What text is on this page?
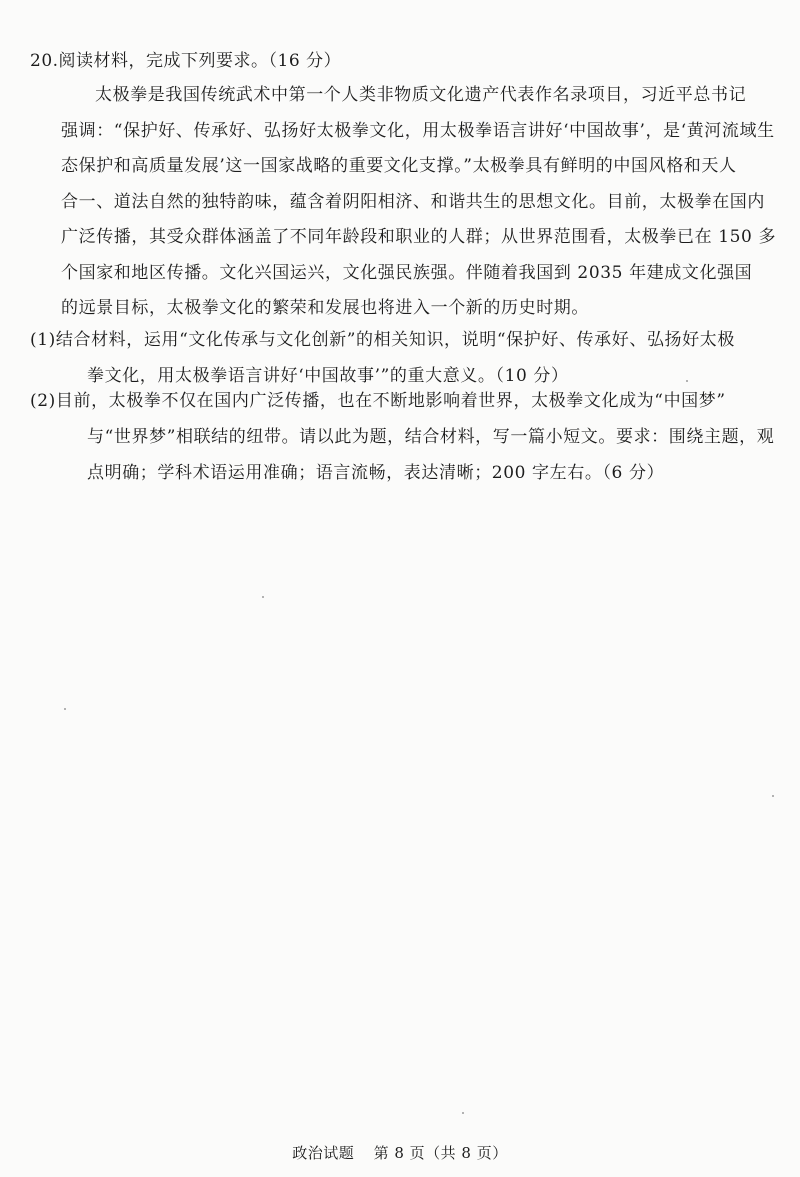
20.阅读材料，完成下列要求。（16 分）
太极拳是我国传统武术中第一个人类非物质文化遗产代表作名录项目，习近平总书记
强调：“保护好、传承好、弘扬好太极拳文化，用太极拳语言讲好‘中国故事’，是‘黄河流域生
态保护和高质量发展’这一国家战略的重要文化支撑。”太极拳具有鲜明的中国风格和天人
合一、道法自然的独特韵味，蕴含着阴阳相济、和谐共生的思想文化。目前，太极拳在国内
广泛传播，其受众群体涵盖了不同年龄段和职业的人群；从世界范围看，太极拳已在 150 多
个国家和地区传播。文化兴国运兴，文化强民族强。伴随着我国到 2035 年建成文化强国
的远景目标，太极拳文化的繁荣和发展也将进入一个新的历史时期。
(1)结合材料，运用“文化传承与文化创新”的相关知识，说明“保护好、传承好、弘扬好太极
拳文化，用太极拳语言讲好‘中国故事’”的重大意义。（10 分）
(2)目前，太极拳不仅在国内广泛传播，也在不断地影响着世界，太极拳文化成为“中国梦”
与“世界梦”相联结的纽带。请以此为题，结合材料，写一篇小短文。要求：围绕主题，观
点明确；学科术语运用准确；语言流畅，表达清晰；200 字左右。（6 分）
政治试题 第 8 页（共 8 页）
